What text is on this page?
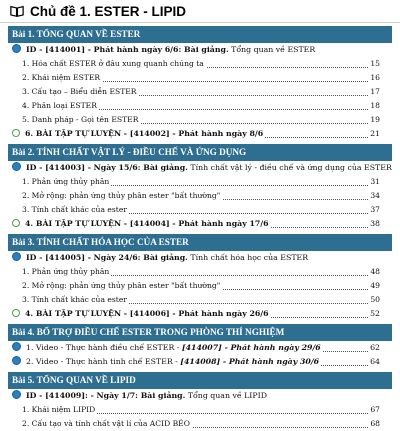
Chủ đề 1. ESTER - LIPID
Bài 1. TỔNG QUAN VỀ ESTER
ID - [414001] - Phát hành ngày 6/6: Bài giảng. Tổng quan về ESTER
1. Hóa chất ESTER ở đâu xung quanh chúng ta	15
2. Khái niệm ESTER	16
3. Cấu tạo – Biểu diễn ESTER	17
4. Phân loại ESTER	18
5. Danh pháp - Gọi tên ESTER	19
6. BÀI TẬP TỰ LUYỆN - [414002] - Phát hành ngày 8/6	21
Bài 2. TÍNH CHẤT VẬT LÝ - ĐIỀU CHẾ VÀ ỨNG DỤNG
ID - [414003] - Ngày 15/6: Bài giảng. Tính chất vật lý - điều chế và ứng dụng của ESTER
1. Phản ứng thủy phân	31
2. Mở rộng: phản ứng thủy phân ester "bất thường"	34
3. Tính chất khác của ester	37
4. BÀI TẬP TỰ LUYỆN - [414004] - Phát hành ngày 17/6	38
Bài 3. TÍNH CHẤT HÓA HỌC CỦA ESTER
ID - [414005] - Ngày 24/6: Bài giảng. Tính chất hóa học của ESTER
1. Phản ứng thủy phân	48
2. Mở rộng: phản ứng thủy phân ester "bất thường"	49
3. Tính chất khác của ester	50
4. BÀI TẬP TỰ LUYỆN - [414006] - Phát hành ngày 26/6	52
Bài 4. BỔ TRỢ ĐIỀU CHẾ ESTER TRONG PHÒNG THÍ NGHIỆM
1. Video - Thực hành điều chế ESTER - [414007] - Phát hành ngày 29/6	62
2. Video - Thực hành tinh chế ESTER - [414008] - Phát hành ngày 30/6	64
Bài 5. TỔNG QUAN VỀ LIPID
ID - [414009]: - Ngày 1/7: Bài giảng. Tổng quan về LIPID
1. Khái niệm LIPID	67
2. Cấu tạo và tính chất vật lí của ACID BÉO	68
